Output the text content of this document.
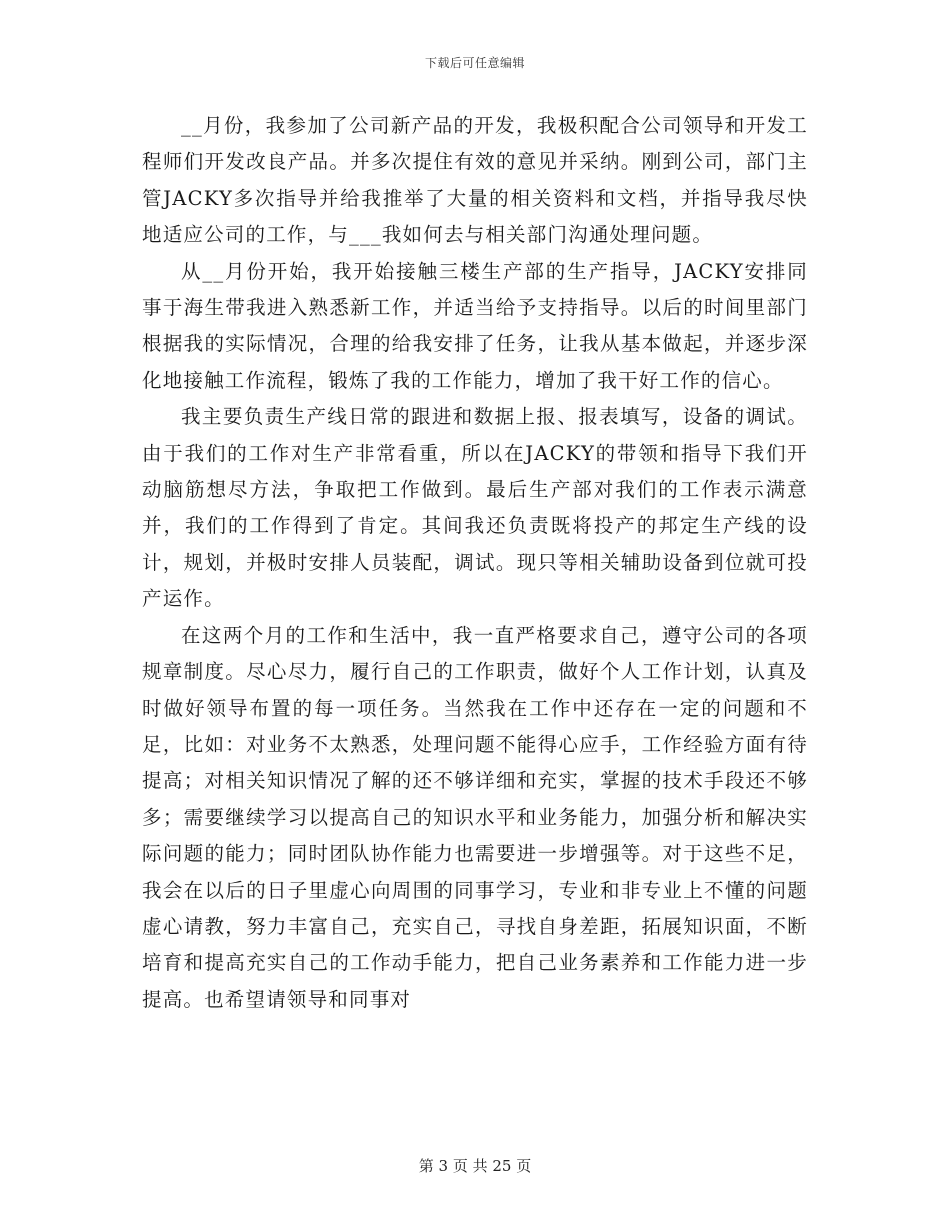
下载后可任意编辑

__月份，我参加了公司新产品的开发，我极积配合公司领导和开发工程师们开发改良产品。并多次提住有效的意见并采纳。刚到公司，部门主管JACKY多次指导并给我推举了大量的相关资料和文档，并指导我尽快地适应公司的工作，与___我如何去与相关部门沟通处理问题。

从__月份开始，我开始接触三楼生产部的生产指导，JACKY安排同事于海生带我进入熟悉新工作，并适当给予支持指导。以后的时间里部门根据我的实际情况，合理的给我安排了任务，让我从基本做起，并逐步深化地接触工作流程，锻炼了我的工作能力，增加了我干好工作的信心。

我主要负责生产线日常的跟进和数据上报、报表填写，设备的调试。由于我们的工作对生产非常看重，所以在JACKY的带领和指导下我们开动脑筋想尽方法，争取把工作做到。最后生产部对我们的工作表示满意并，我们的工作得到了肯定。其间我还负责既将投产的邦定生产线的设计，规划，并极时安排人员装配，调试。现只等相关辅助设备到位就可投产运作。

在这两个月的工作和生活中，我一直严格要求自己，遵守公司的各项规章制度。尽心尽力，履行自己的工作职责，做好个人工作计划，认真及时做好领导布置的每一项任务。当然我在工作中还存在一定的问题和不足，比如：对业务不太熟悉，处理问题不能得心应手，工作经验方面有待提高；对相关知识情况了解的还不够详细和充实，掌握的技术手段还不够多；需要继续学习以提高自己的知识水平和业务能力，加强分析和解决实际问题的能力；同时团队协作能力也需要进一步增强等。对于这些不足，我会在以后的日子里虚心向周围的同事学习，专业和非专业上不懂的问题虚心请教，努力丰富自己，充实自己，寻找自身差距，拓展知识面，不断培育和提高充实自己的工作动手能力，把自己业务素养和工作能力进一步提高。也希望请领导和同事对

第 3 页 共 25 页
